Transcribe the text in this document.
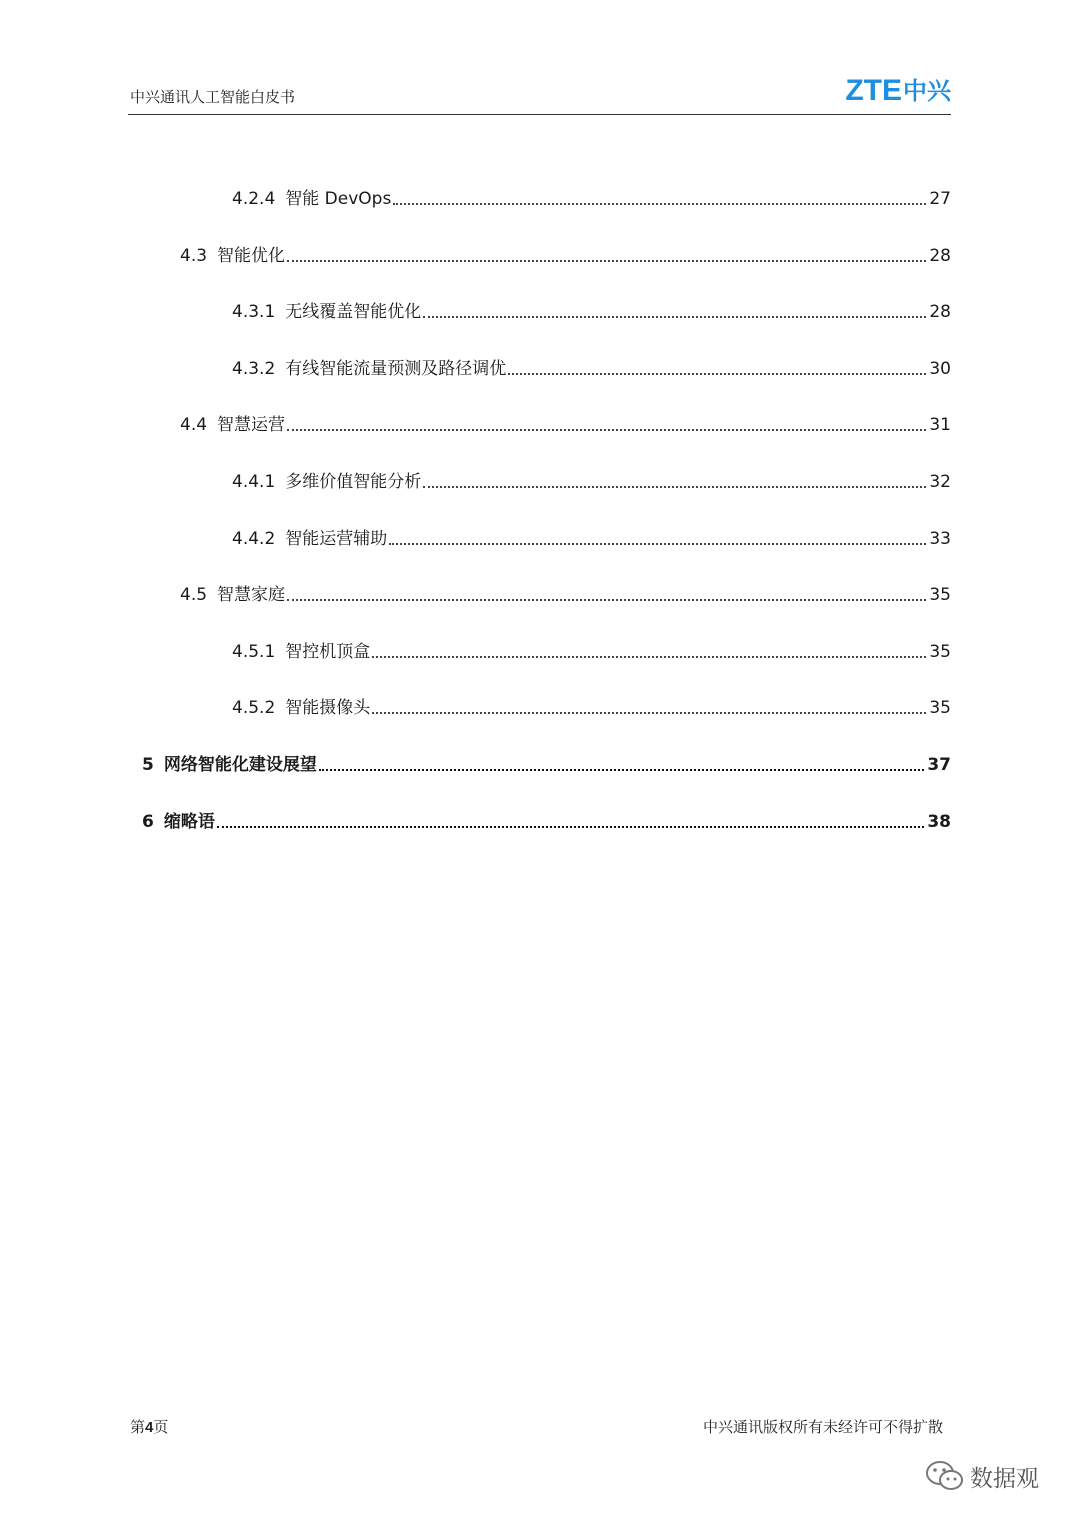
中兴通讯人工智能白皮书	ZTE 中兴
4.2.4 智能 DevOps	27
4.3 智能优化	28
4.3.1 无线覆盖智能优化	28
4.3.2 有线智能流量预测及路径调优	30
4.4 智慧运营	31
4.4.1 多维价值智能分析	32
4.4.2 智能运营辅助	33
4.5 智慧家庭	35
4.5.1 智控机顶盒	35
4.5.2 智能摄像头	35
5 网络智能化建设展望	37
6 缩略语	38
第4页	中兴通讯版权所有未经许可不得扩散
数据观
